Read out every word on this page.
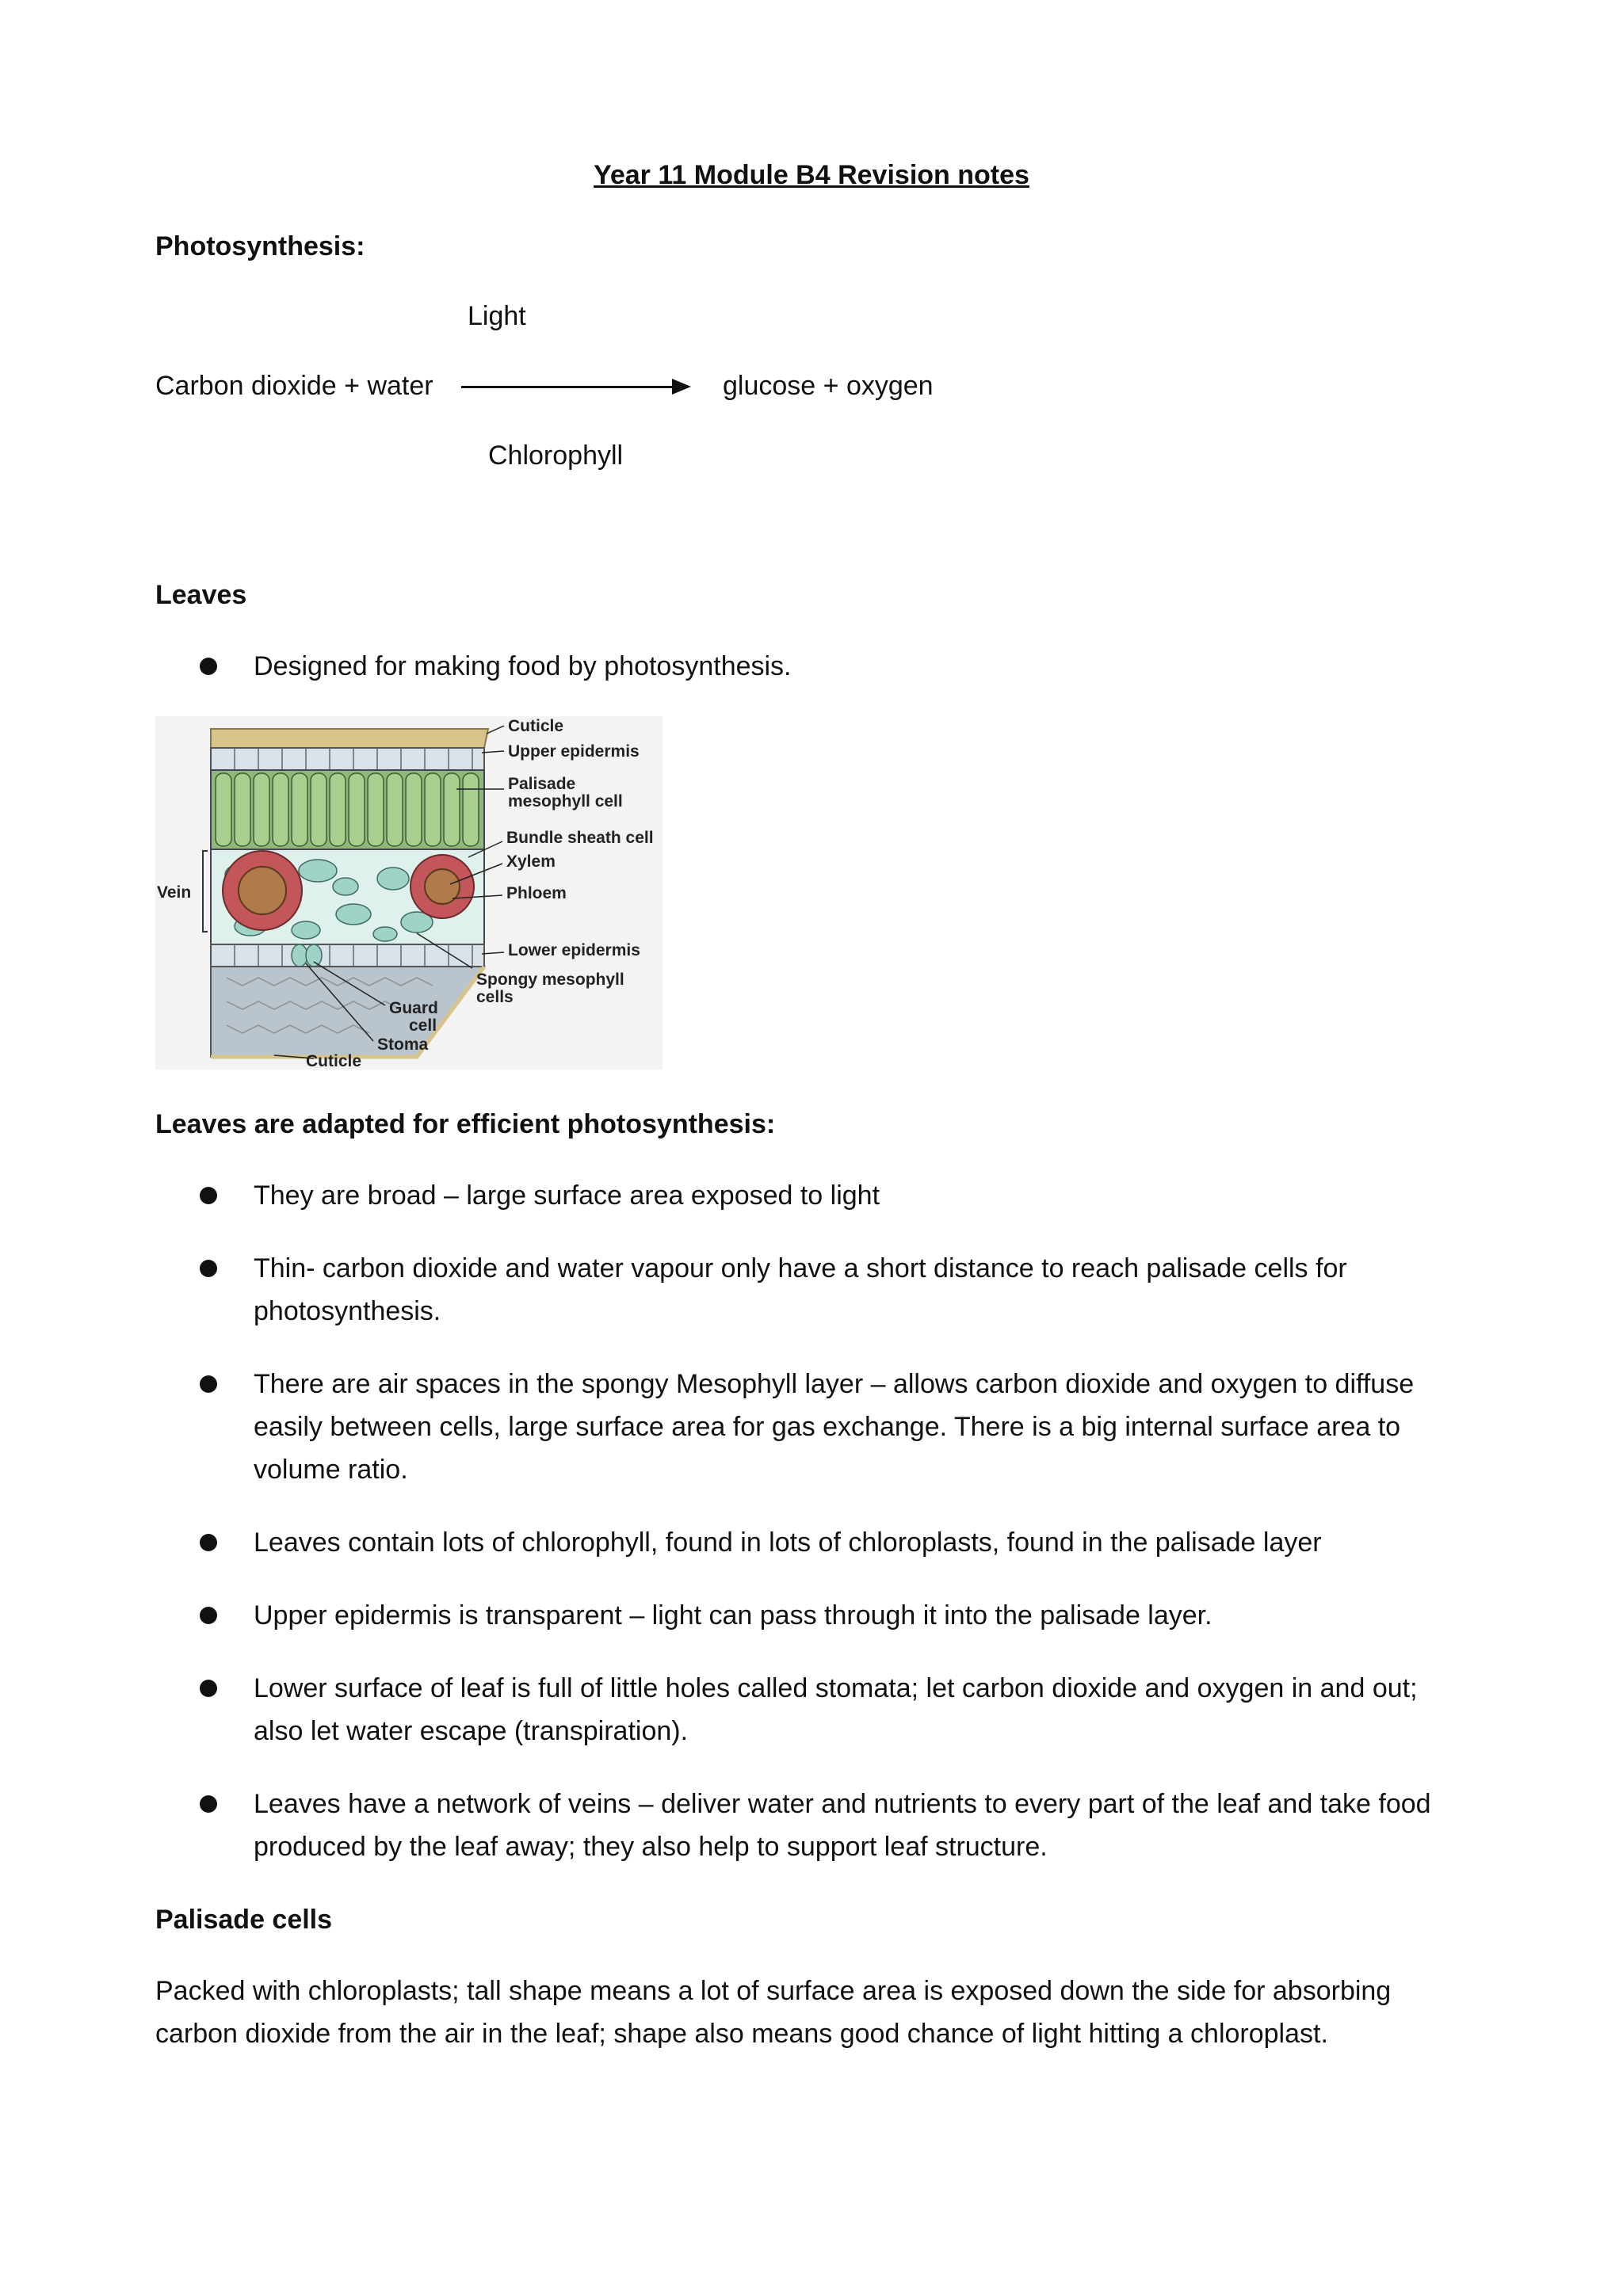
Year 11 Module B4 Revision notes
Photosynthesis:
Light
Carbon dioxide + water	glucose + oxygen
Chlorophyll
Leaves
Designed for making food by photosynthesis.
Cuticle
Upper epidermis
Palisade
mesophyll cell
Bundle sheath cell
Xylem
Phloem
Vein
Lower epidermis
Spongy mesophyll
cells
Guard
cell
Stoma
Cuticle
Leaves are adapted for efficient photosynthesis:
They are broad – large surface area exposed to light
Thin- carbon dioxide and water vapour only have a short distance to reach palisade cells for
photosynthesis.
There are air spaces in the spongy Mesophyll layer – allows carbon dioxide and oxygen to diffuse
easily between cells, large surface area for gas exchange. There is a big internal surface area to
volume ratio.
Leaves contain lots of chlorophyll, found in lots of chloroplasts, found in the palisade layer
Upper epidermis is transparent – light can pass through it into the palisade layer.
Lower surface of leaf is full of little holes called stomata; let carbon dioxide and oxygen in and out;
also let water escape (transpiration).
Leaves have a network of veins – deliver water and nutrients to every part of the leaf and take food
produced by the leaf away; they also help to support leaf structure.
Palisade cells
Packed with chloroplasts; tall shape means a lot of surface area is exposed down the side for absorbing
carbon dioxide from the air in the leaf; shape also means good chance of light hitting a chloroplast.
